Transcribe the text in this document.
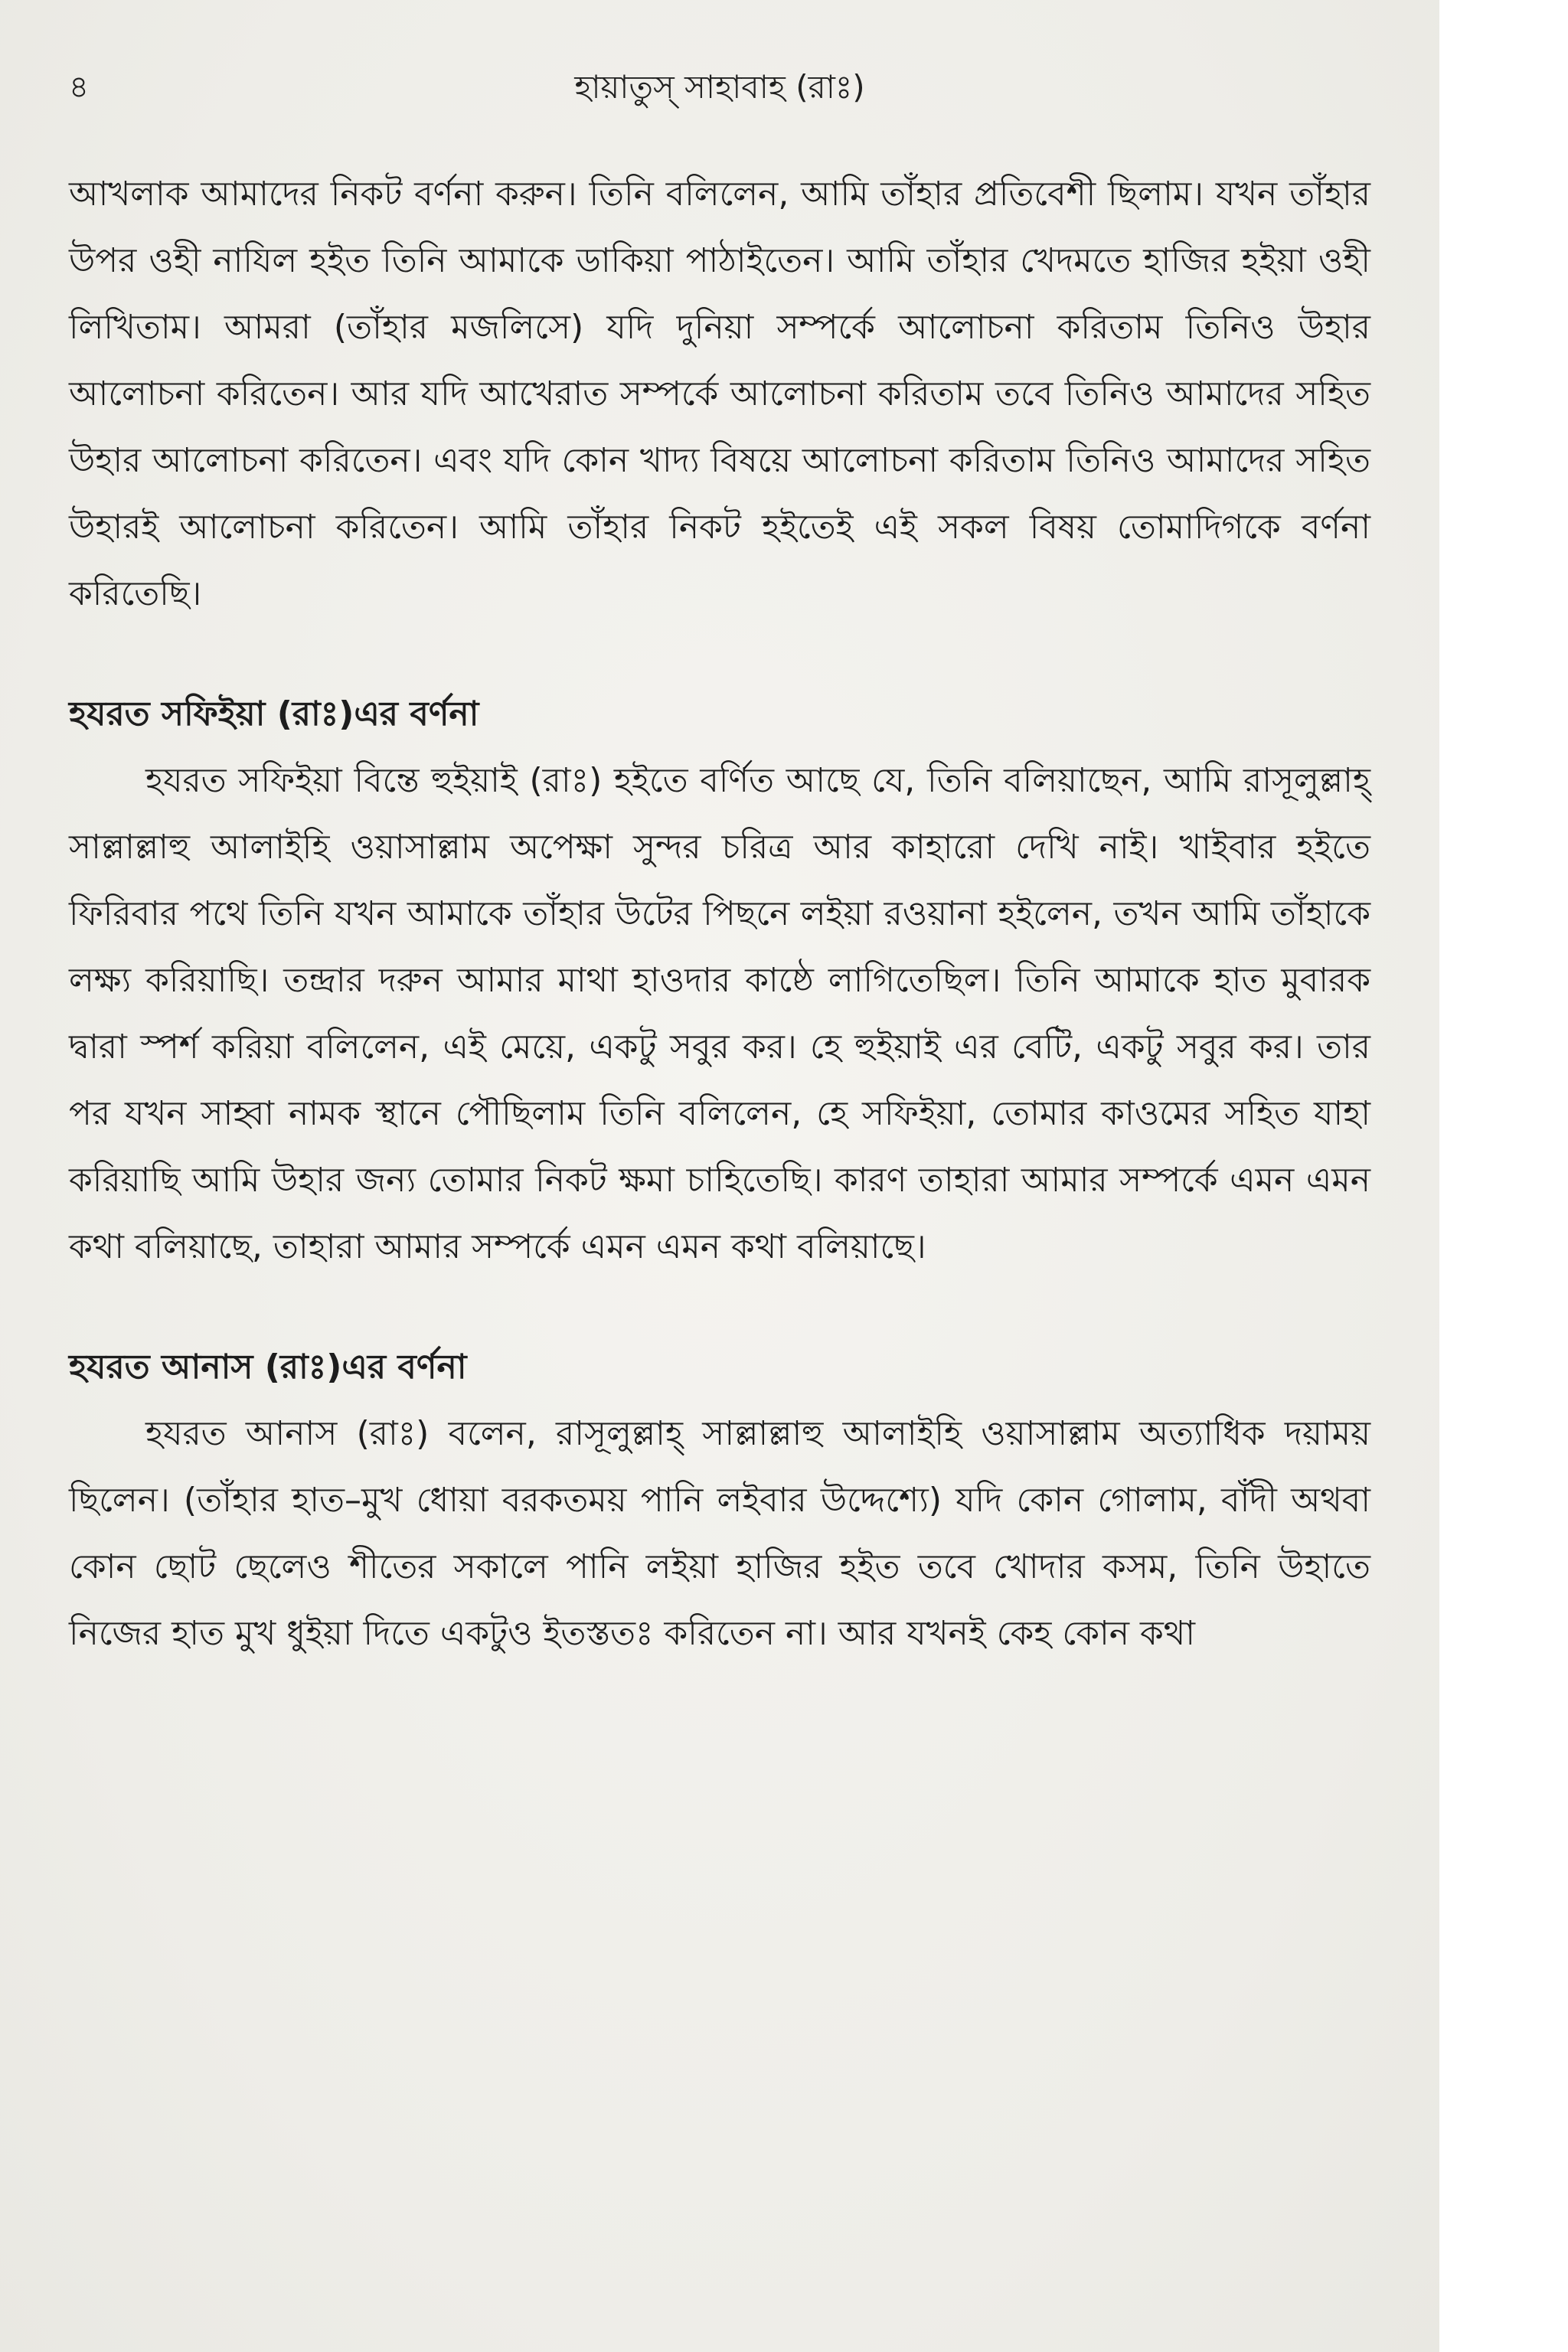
৪	হায়াতুস্ সাহাবাহ (রাঃ)

আখলাক আমাদের নিকট বর্ণনা করুন। তিনি বলিলেন, আমি তাঁহার প্রতিবেশী ছিলাম। যখন তাঁহার উপর ওহী নাযিল হইত তিনি আমাকে ডাকিয়া পাঠাইতেন। আমি তাঁহার খেদমতে হাজির হইয়া ওহী লিখিতাম। আমরা (তাঁহার মজলিসে) যদি দুনিয়া সম্পর্কে আলোচনা করিতাম তিনিও উহার আলোচনা করিতেন। আর যদি আখেরাত সম্পর্কে আলোচনা করিতাম তবে তিনিও আমাদের সহিত উহার আলোচনা করিতেন। এবং যদি কোন খাদ্য বিষয়ে আলোচনা করিতাম তিনিও আমাদের সহিত উহারই আলোচনা করিতেন। আমি তাঁহার নিকট হইতেই এই সকল বিষয় তোমাদিগকে বর্ণনা করিতেছি।

হযরত সফিইয়া (রাঃ)এর বর্ণনা

হযরত সফিইয়া বিন্তে হুইয়াই (রাঃ) হইতে বর্ণিত আছে যে, তিনি বলিয়াছেন, আমি রাসূলুল্লাহ্ সাল্লাল্লাহু আলাইহি ওয়াসাল্লাম অপেক্ষা সুন্দর চরিত্র আর কাহারো দেখি নাই। খাইবার হইতে ফিরিবার পথে তিনি যখন আমাকে তাঁহার উটের পিছনে লইয়া রওয়ানা হইলেন, তখন আমি তাঁহাকে লক্ষ্য করিয়াছি। তন্দ্রার দরুন আমার মাথা হাওদার কাষ্ঠে লাগিতেছিল। তিনি আমাকে হাত মুবারক দ্বারা স্পর্শ করিয়া বলিলেন, এই মেয়ে, একটু সবুর কর। হে হুইয়াই এর বেটি, একটু সবুর কর। তার পর যখন সাহ্বা নামক স্থানে পৌছিলাম তিনি বলিলেন, হে সফিইয়া, তোমার কাওমের সহিত যাহা করিয়াছি আমি উহার জন্য তোমার নিকট ক্ষমা চাহিতেছি। কারণ তাহারা আমার সম্পর্কে এমন এমন কথা বলিয়াছে, তাহারা আমার সম্পর্কে এমন এমন কথা বলিয়াছে।

হযরত আনাস (রাঃ)এর বর্ণনা

হযরত আনাস (রাঃ) বলেন, রাসূলুল্লাহ্ সাল্লাল্লাহু আলাইহি ওয়াসাল্লাম অত্যাধিক দয়াময় ছিলেন। (তাঁহার হাত–মুখ ধোয়া বরকতময় পানি লইবার উদ্দেশ্যে) যদি কোন গোলাম, বাঁদী অথবা কোন ছোট ছেলেও শীতের সকালে পানি লইয়া হাজির হইত তবে খোদার কসম, তিনি উহাতে নিজের হাত মুখ ধুইয়া দিতে একটুও ইতস্ততঃ করিতেন না। আর যখনই কেহ কোন কথা
